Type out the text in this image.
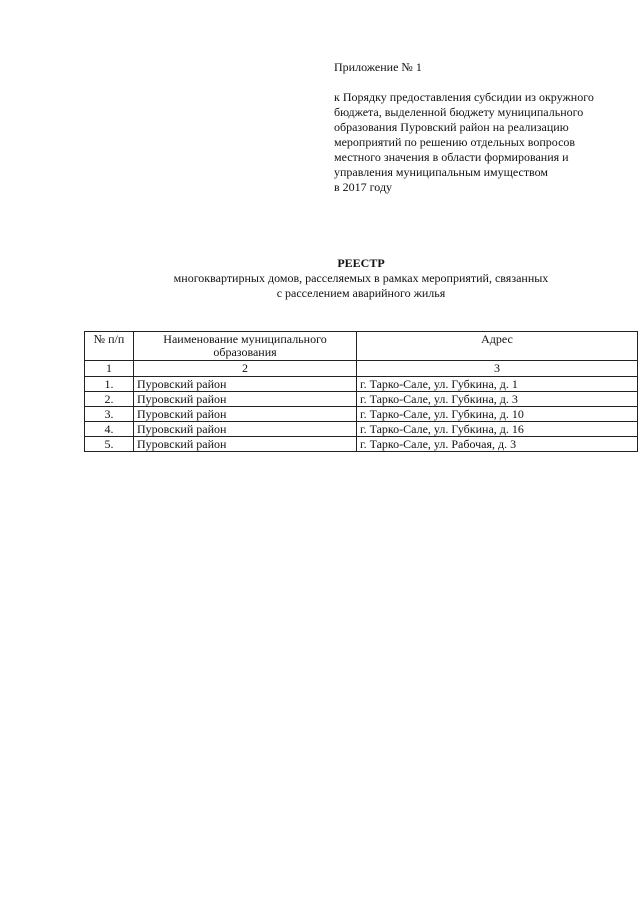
Приложение № 1
к Порядку предоставления субсидии из окружного
бюджета, выделенной бюджету муниципального
образования Пуровский район на реализацию
мероприятий по решению отдельных вопросов
местного значения в области формирования и
управления муниципальным имуществом
в 2017 году
РЕЕСТР
многоквартирных домов, расселяемых в рамках мероприятий, связанных
с расселением аварийного жилья
№ п/п	Наименование муниципального образования	Адрес
1	2	3
1.	Пуровский район	г. Тарко-Сале, ул. Губкина, д. 1
2.	Пуровский район	г. Тарко-Сале, ул. Губкина, д. 3
3.	Пуровский район	г. Тарко-Сале, ул. Губкина, д. 10
4.	Пуровский район	г. Тарко-Сале, ул. Губкина, д. 16
5.	Пуровский район	г. Тарко-Сале, ул. Рабочая, д. 3
